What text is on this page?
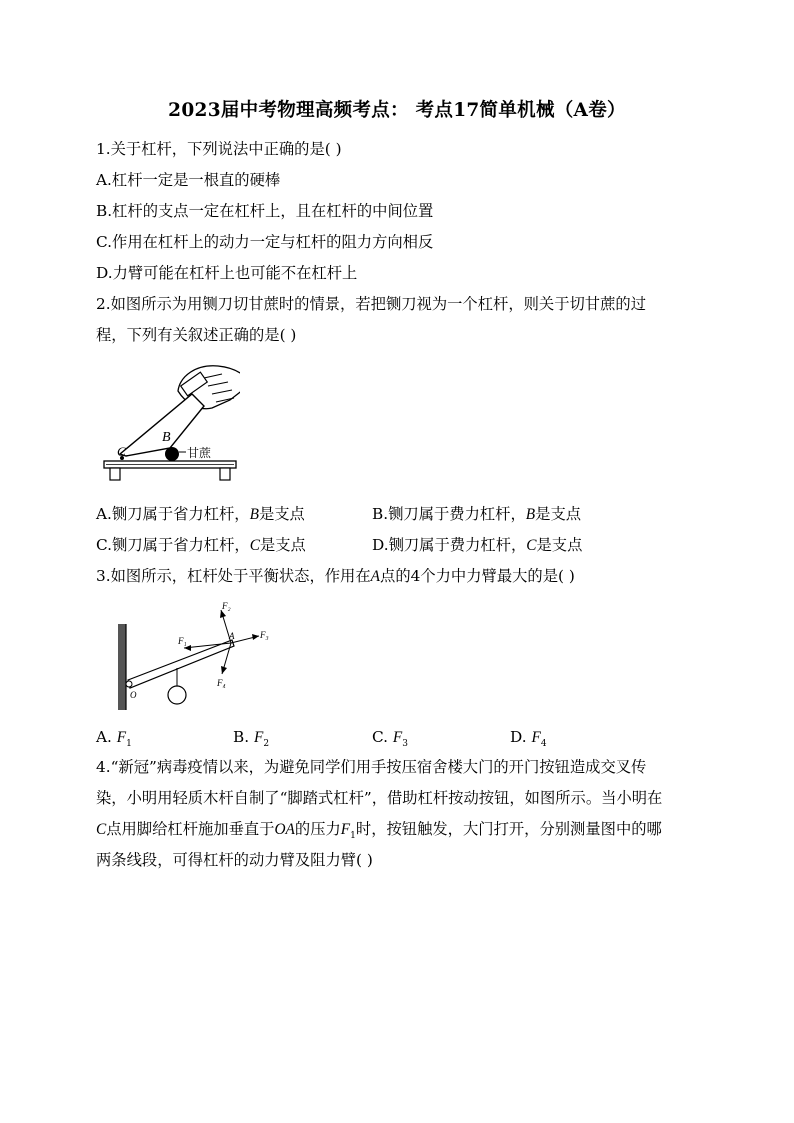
2023届中考物理高频考点： 考点17简单机械（A卷）
1.关于杠杆，下列说法中正确的是( )
A.杠杆一定是一根直的硬棒
B.杠杆的支点一定在杠杆上，且在杠杆的中间位置
C.作用在杠杆上的动力一定与杠杆的阻力方向相反
D.力臂可能在杠杆上也可能不在杠杆上
2.如图所示为用铡刀切甘蔗时的情景，若把铡刀视为一个杠杆，则关于切甘蔗的过
程，下列有关叙述正确的是( )
B
C	甘蔗
A.铡刀属于省力杠杆，B是支点	B.铡刀属于费力杠杆，B是支点
C.铡刀属于省力杠杆，C是支点	D.铡刀属于费力杠杆，C是支点
3.如图所示，杠杆处于平衡状态，作用在A点的4个力中力臂最大的是( )
F₁
F₂
F₃
F₄
A
O
A. $F_1$	B. $F_2$	C. $F_3$	D. $F_4$
4.“新冠”病毒疫情以来，为避免同学们用手按压宿舍楼大门的开门按钮造成交叉传
染，小明用轻质木杆自制了“脚踏式杠杆”，借助杠杆按动按钮，如图所示。当小明在
C点用脚给杠杆施加垂直于OA的压力$F_1$时，按钮触发，大门打开，分别测量图中的哪
两条线段，可得杠杆的动力臂及阻力臂( )
